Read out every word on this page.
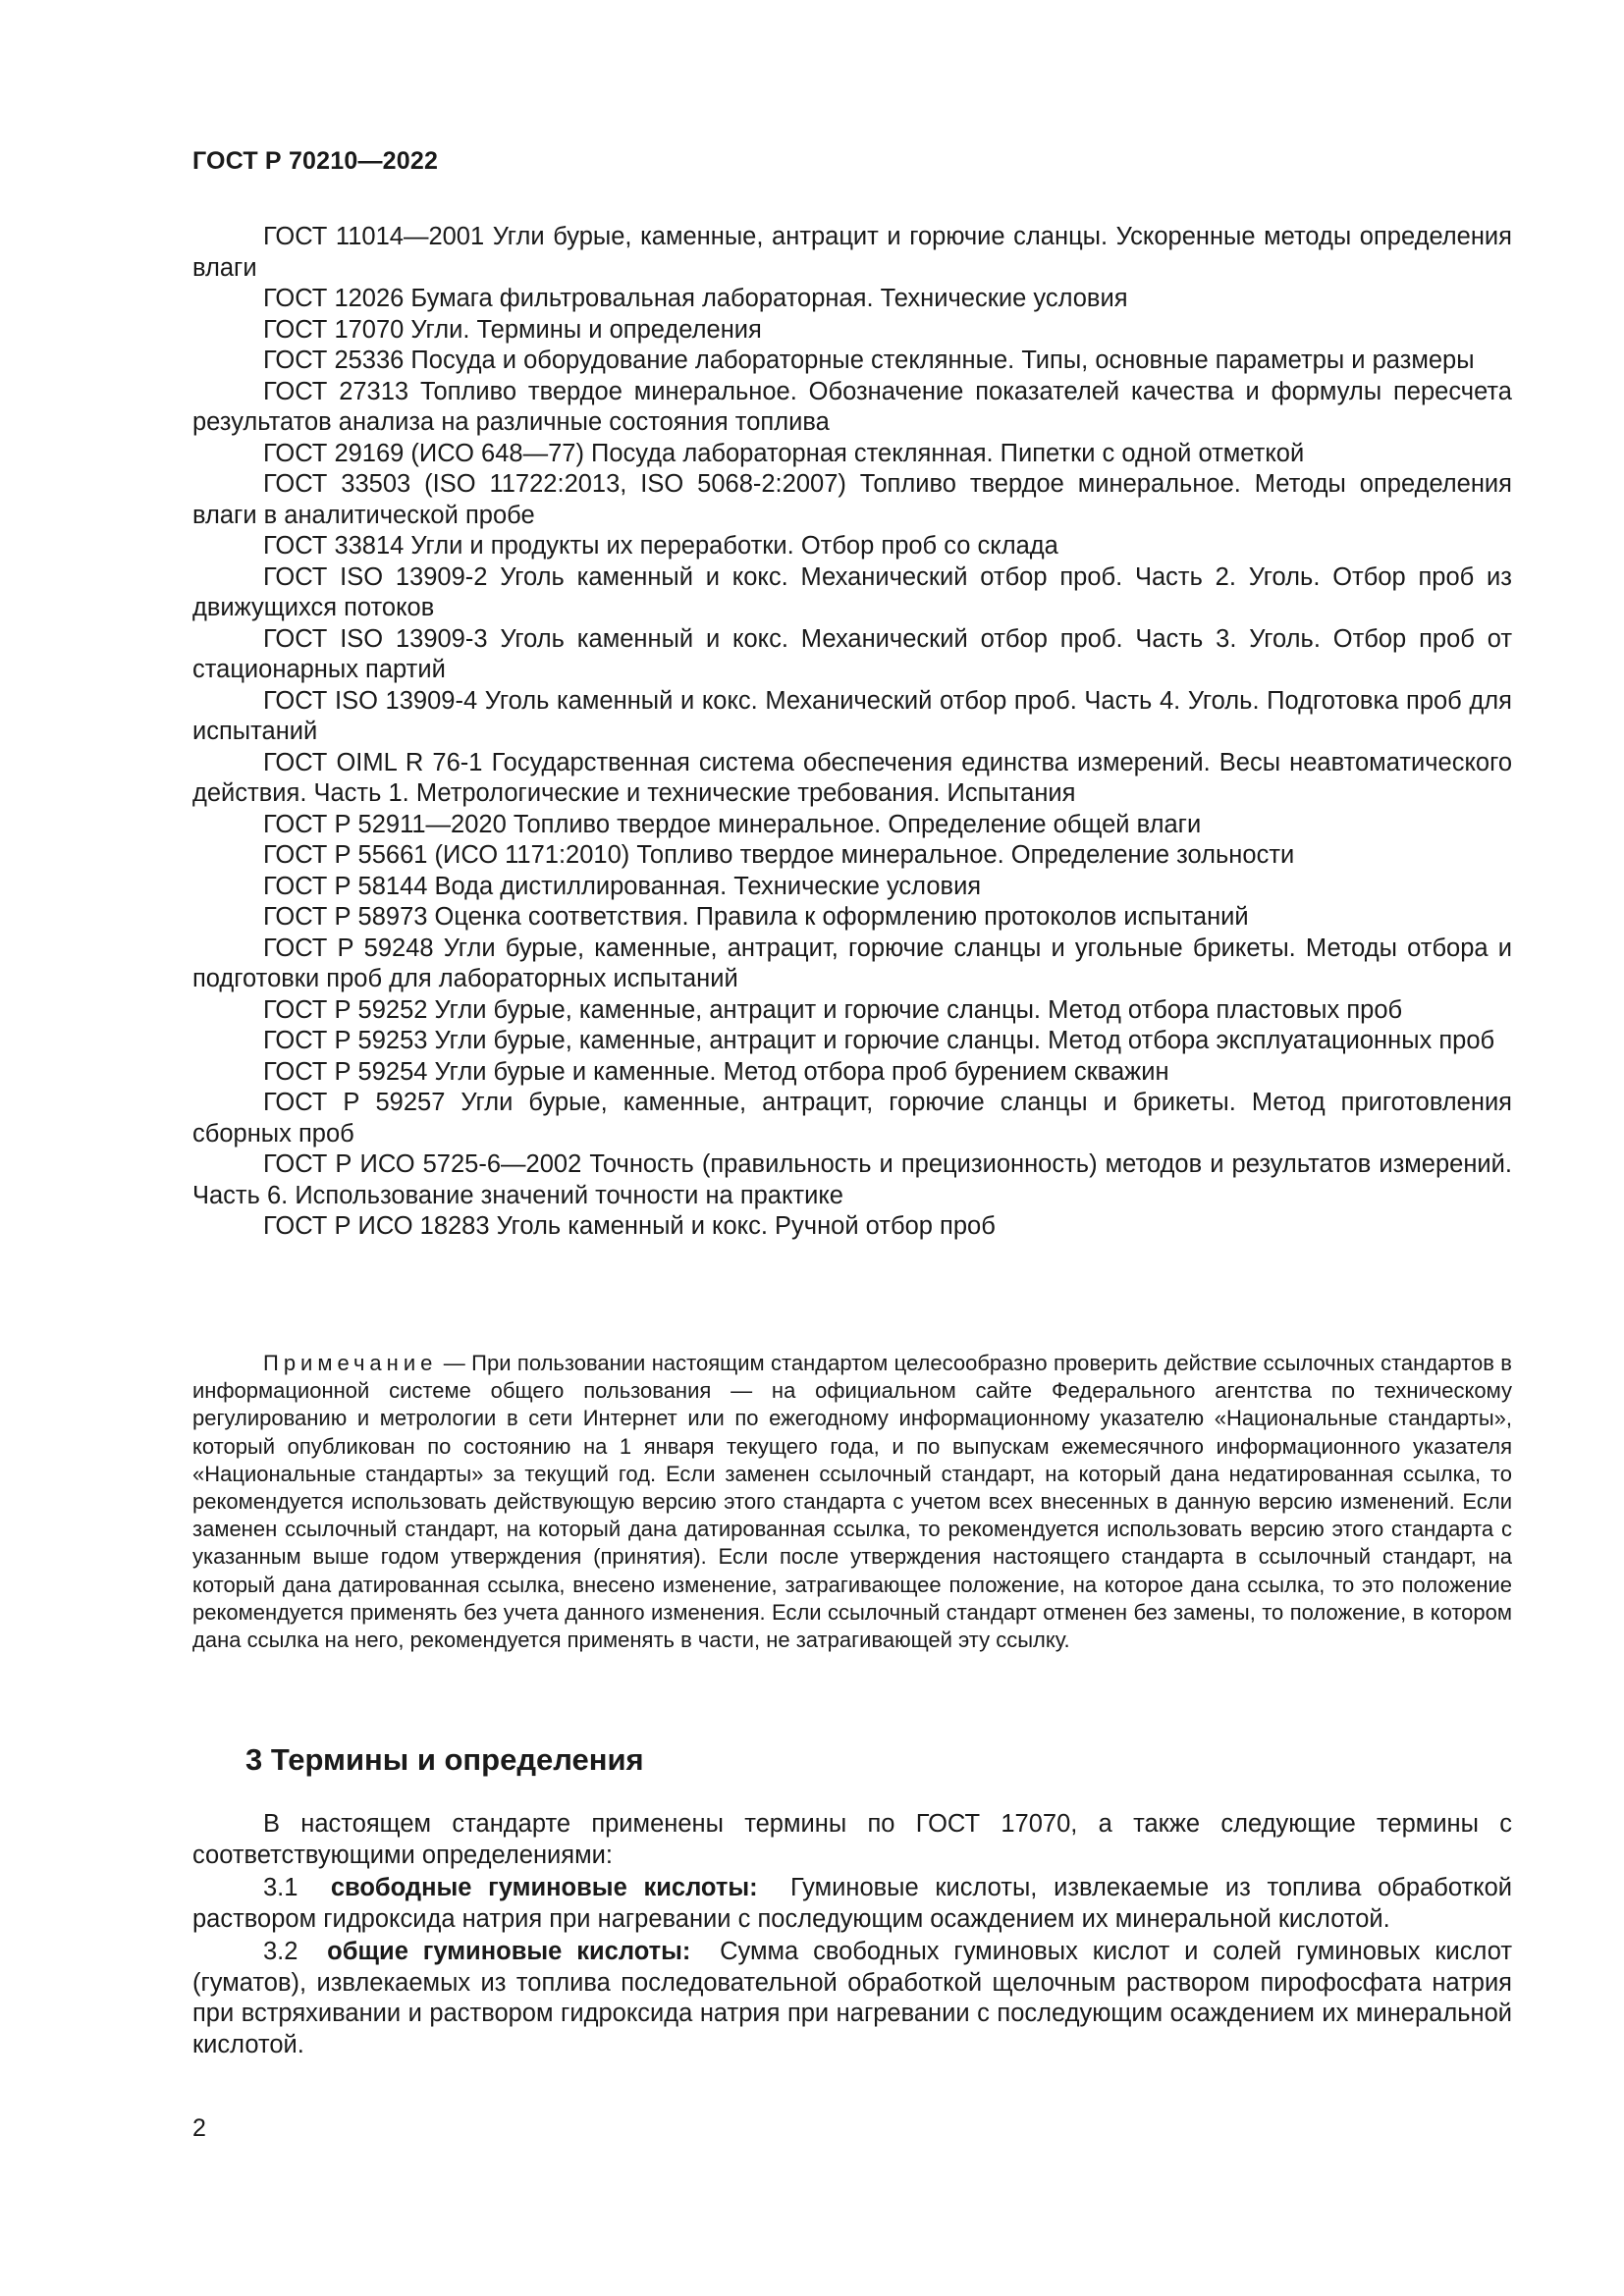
ГОСТ Р 70210—2022

ГОСТ 11014—2001 Угли бурые, каменные, антрацит и горючие сланцы. Ускоренные методы определения влаги

ГОСТ 12026 Бумага фильтровальная лабораторная. Технические условия

ГОСТ 17070 Угли. Термины и определения

ГОСТ 25336 Посуда и оборудование лабораторные стеклянные. Типы, основные параметры и размеры

ГОСТ 27313 Топливо твердое минеральное. Обозначение показателей качества и формулы пересчета результатов анализа на различные состояния топлива

ГОСТ 29169 (ИСО 648—77) Посуда лабораторная стеклянная. Пипетки с одной отметкой

ГОСТ 33503 (ISO 11722:2013, ISO 5068-2:2007) Топливо твердое минеральное. Методы определения влаги в аналитической пробе

ГОСТ 33814 Угли и продукты их переработки. Отбор проб со склада

ГОСТ ISO 13909-2 Уголь каменный и кокс. Механический отбор проб. Часть 2. Уголь. Отбор проб из движущихся потоков

ГОСТ ISO 13909-3 Уголь каменный и кокс. Механический отбор проб. Часть 3. Уголь. Отбор проб от стационарных партий

ГОСТ ISO 13909-4 Уголь каменный и кокс. Механический отбор проб. Часть 4. Уголь. Подготовка проб для испытаний

ГОСТ OIML R 76-1 Государственная система обеспечения единства измерений. Весы неавтоматического действия. Часть 1. Метрологические и технические требования. Испытания

ГОСТ Р 52911—2020 Топливо твердое минеральное. Определение общей влаги

ГОСТ Р 55661 (ИСО 1171:2010) Топливо твердое минеральное. Определение зольности

ГОСТ Р 58144 Вода дистиллированная. Технические условия

ГОСТ Р 58973 Оценка соответствия. Правила к оформлению протоколов испытаний

ГОСТ Р 59248 Угли бурые, каменные, антрацит, горючие сланцы и угольные брикеты. Методы отбора и подготовки проб для лабораторных испытаний

ГОСТ Р 59252 Угли бурые, каменные, антрацит и горючие сланцы. Метод отбора пластовых проб

ГОСТ Р 59253 Угли бурые, каменные, антрацит и горючие сланцы. Метод отбора эксплуатационных проб

ГОСТ Р 59254 Угли бурые и каменные. Метод отбора проб бурением скважин

ГОСТ Р 59257 Угли бурые, каменные, антрацит, горючие сланцы и брикеты. Метод приготовления сборных проб

ГОСТ Р ИСО 5725-6—2002 Точность (правильность и прецизионность) методов и результатов измерений. Часть 6. Использование значений точности на практике

ГОСТ Р ИСО 18283 Уголь каменный и кокс. Ручной отбор проб

Примечание — При пользовании настоящим стандартом целесообразно проверить действие ссылочных стандартов в информационной системе общего пользования — на официальном сайте Федерального агентства по техническому регулированию и метрологии в сети Интернет или по ежегодному информационному указателю «Национальные стандарты», который опубликован по состоянию на 1 января текущего года, и по выпускам ежемесячного информационного указателя «Национальные стандарты» за текущий год. Если заменен ссылочный стандарт, на который дана недатированная ссылка, то рекомендуется использовать действующую версию этого стандарта с учетом всех внесенных в данную версию изменений. Если заменен ссылочный стандарт, на который дана датированная ссылка, то рекомендуется использовать версию этого стандарта с указанным выше годом утверждения (принятия). Если после утверждения настоящего стандарта в ссылочный стандарт, на который дана датированная ссылка, внесено изменение, затрагивающее положение, на которое дана ссылка, то это положение рекомендуется применять без учета данного изменения. Если ссылочный стандарт отменен без замены, то положение, в котором дана ссылка на него, рекомендуется применять в части, не затрагивающей эту ссылку.

3 Термины и определения

В настоящем стандарте применены термины по ГОСТ 17070, а также следующие термины с соответствующими определениями:

3.1 свободные гуминовые кислоты: Гуминовые кислоты, извлекаемые из топлива обработкой раствором гидроксида натрия при нагревании с последующим осаждением их минеральной кислотой.

3.2 общие гуминовые кислоты: Сумма свободных гуминовых кислот и солей гуминовых кислот (гуматов), извлекаемых из топлива последовательной обработкой щелочным раствором пирофосфата натрия при встряхивании и раствором гидроксида натрия при нагревании с последующим осаждением их минеральной кислотой.

2
